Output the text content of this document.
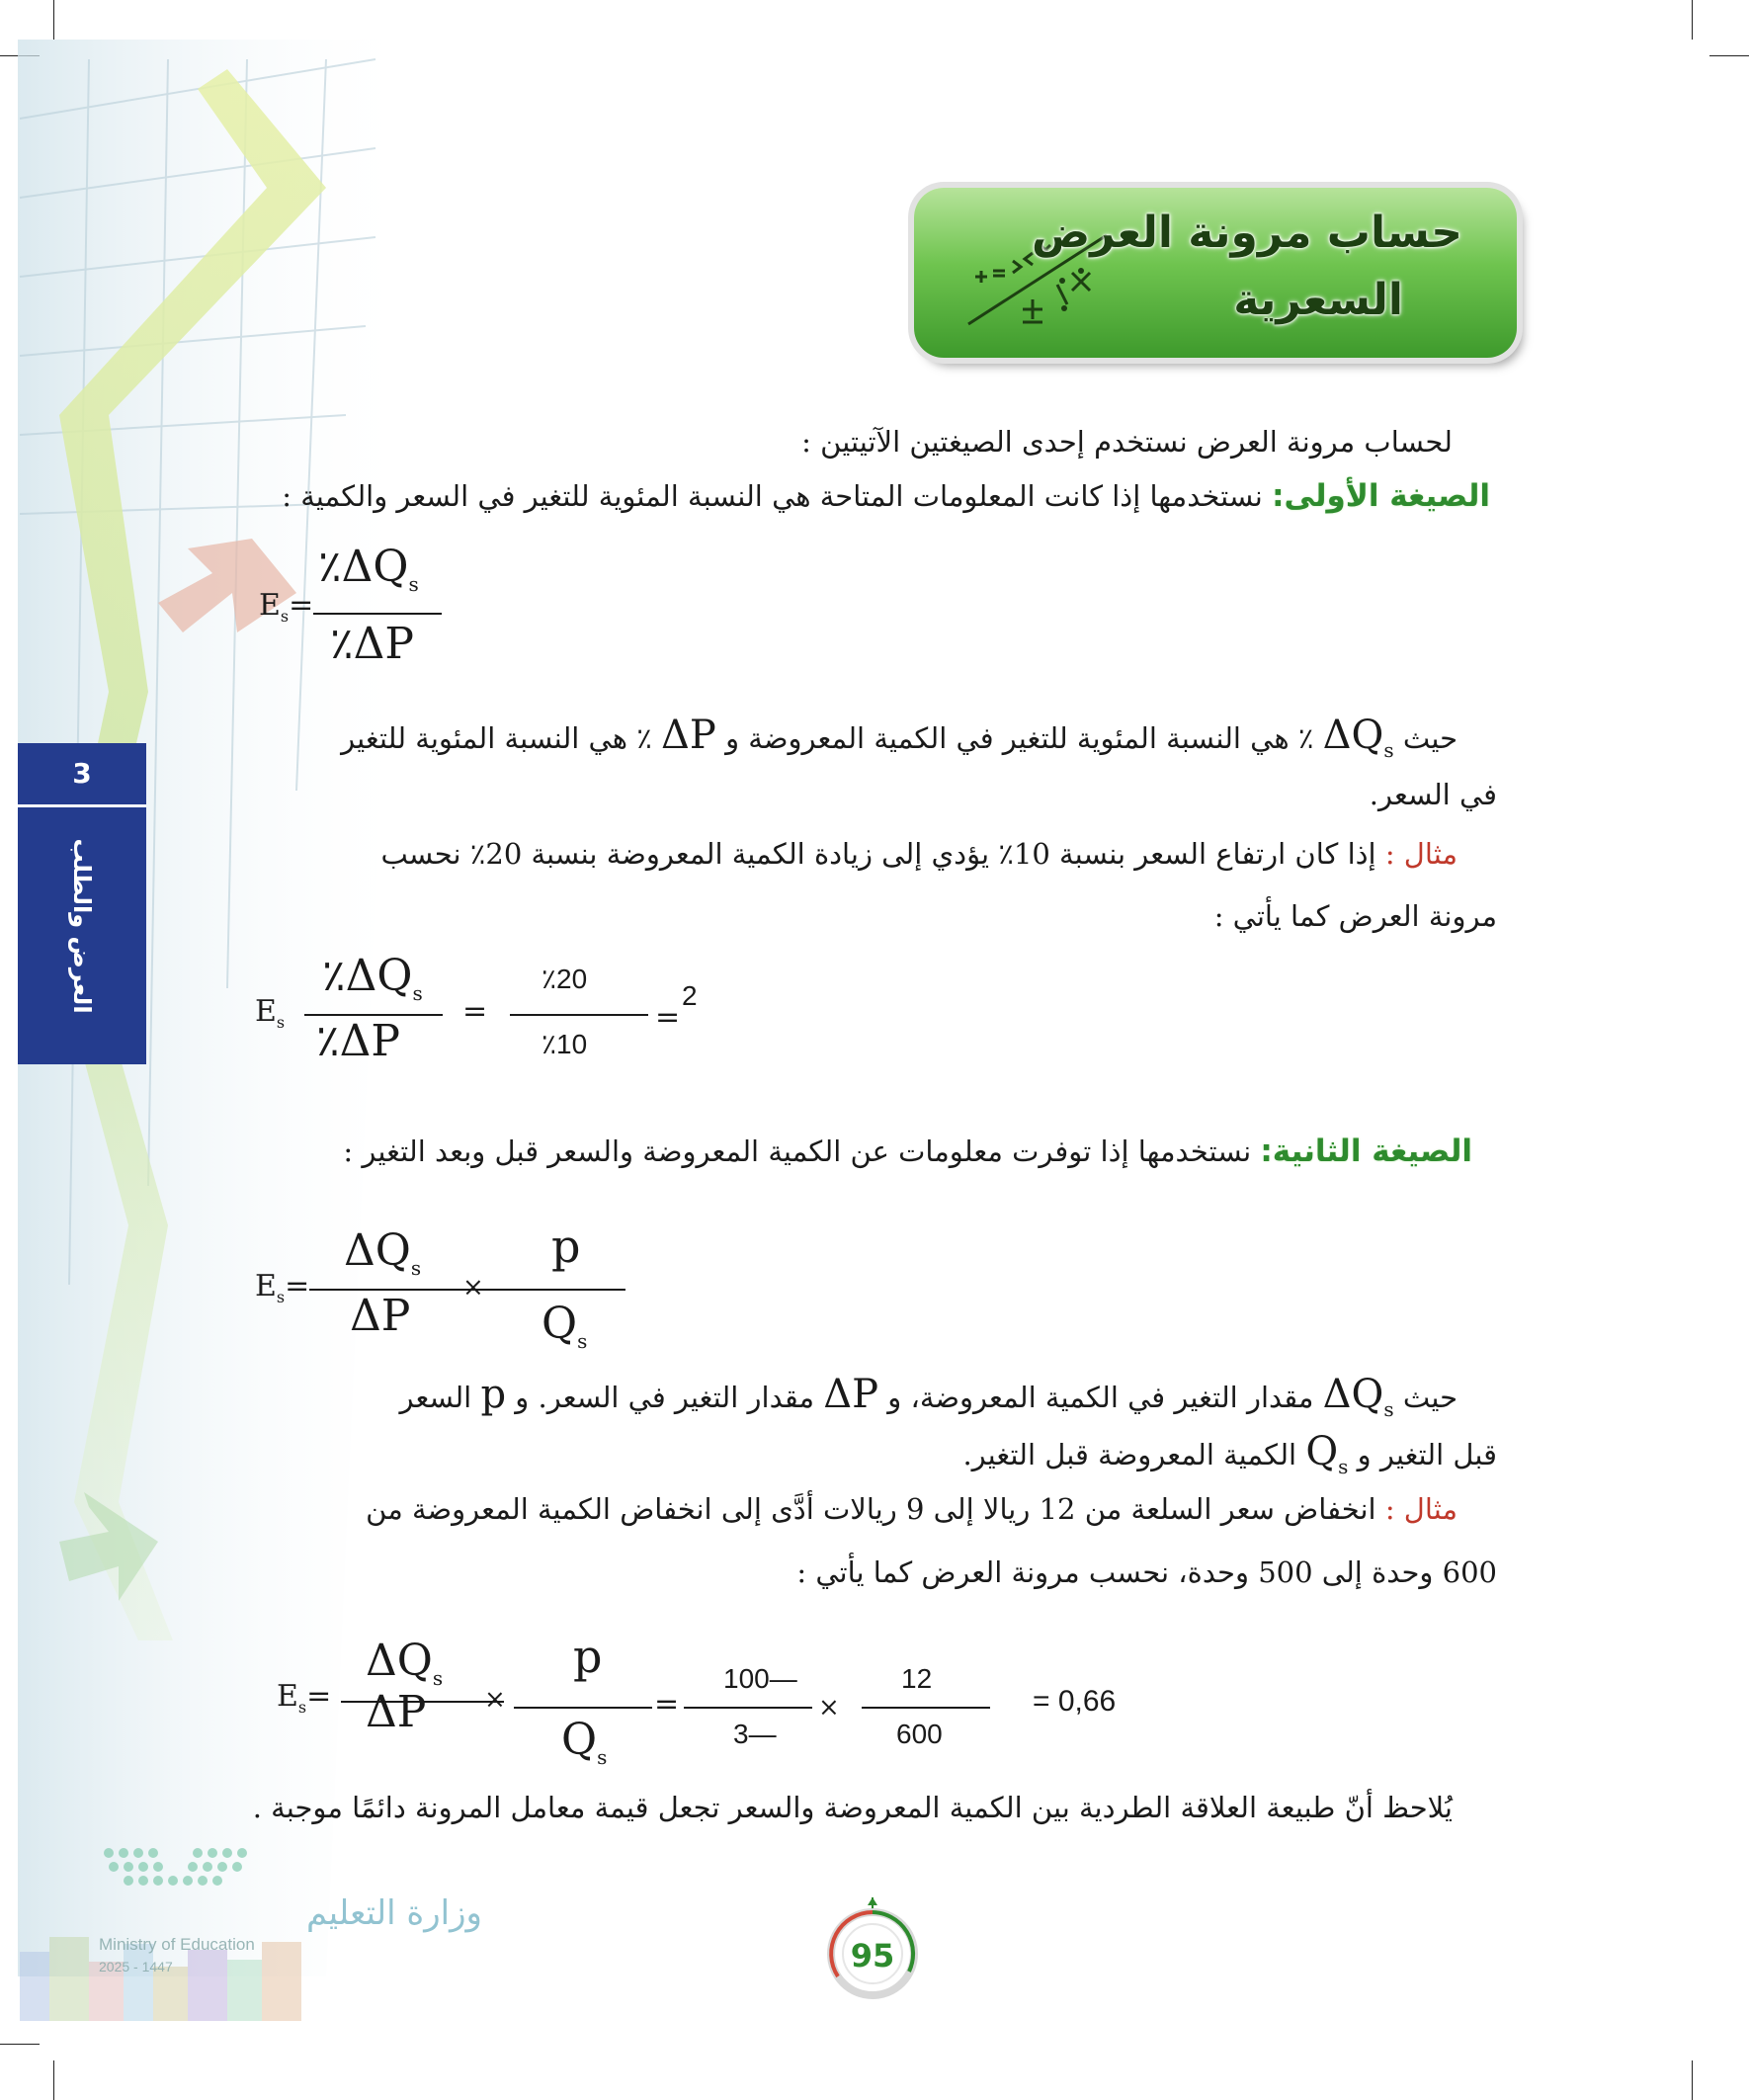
حساب مرونة العرض
السعرية
3
العرض والطلب
لحساب مرونة العرض نستخدم إحدى الصيغتين الآتيتين :
الصيغة الأولى: نستخدمها إذا كانت المعلومات المتاحة هي النسبة المئوية للتغير في السعر والكمية :
$E_s=$
$٪\Delta Q_s$
٪ΔP
حيث $\Delta Q_s$ ٪ هي النسبة المئوية للتغير في الكمية المعروضة و ΔP ٪ هي النسبة المئوية للتغير
في السعر.
مثال : إذا كان ارتفاع السعر بنسبة 10٪ يؤدي إلى زيادة الكمية المعروضة بنسبة 20٪ نحسب
مرونة العرض كما يأتي :
$E_s$
$٪\Delta Q_s$
٪ΔP
=
٪20
٪10
=
2
الصيغة الثانية: نستخدمها إذا توفرت معلومات عن الكمية المعروضة والسعر قبل وبعد التغير :
$E_s=$
$\Delta Q_s$
ΔP
×
p
$Q_s$
حيث $\Delta Q_s$ مقدار التغير في الكمية المعروضة، و ΔP مقدار التغير في السعر. و p السعر
قبل التغير و $Q_s$ الكمية المعروضة قبل التغير.
مثال : انخفاض سعر السلعة من 12 ريالا إلى 9 ريالات أدَّى إلى انخفاض الكمية المعروضة من
600 وحدة إلى 500 وحدة، نحسب مرونة العرض كما يأتي :
$E_s=$
$\Delta Q_s$
ΔP ×
p
$Q_s$
=
100—
3—
×
12
600
= 0,66
يُلاحظ أنّ طبيعة العلاقة الطردية بين الكمية المعروضة والسعر تجعل قيمة معامل المرونة دائمًا موجبة .
وزارة التعليم
Ministry of Education
2025 - 1447	95
